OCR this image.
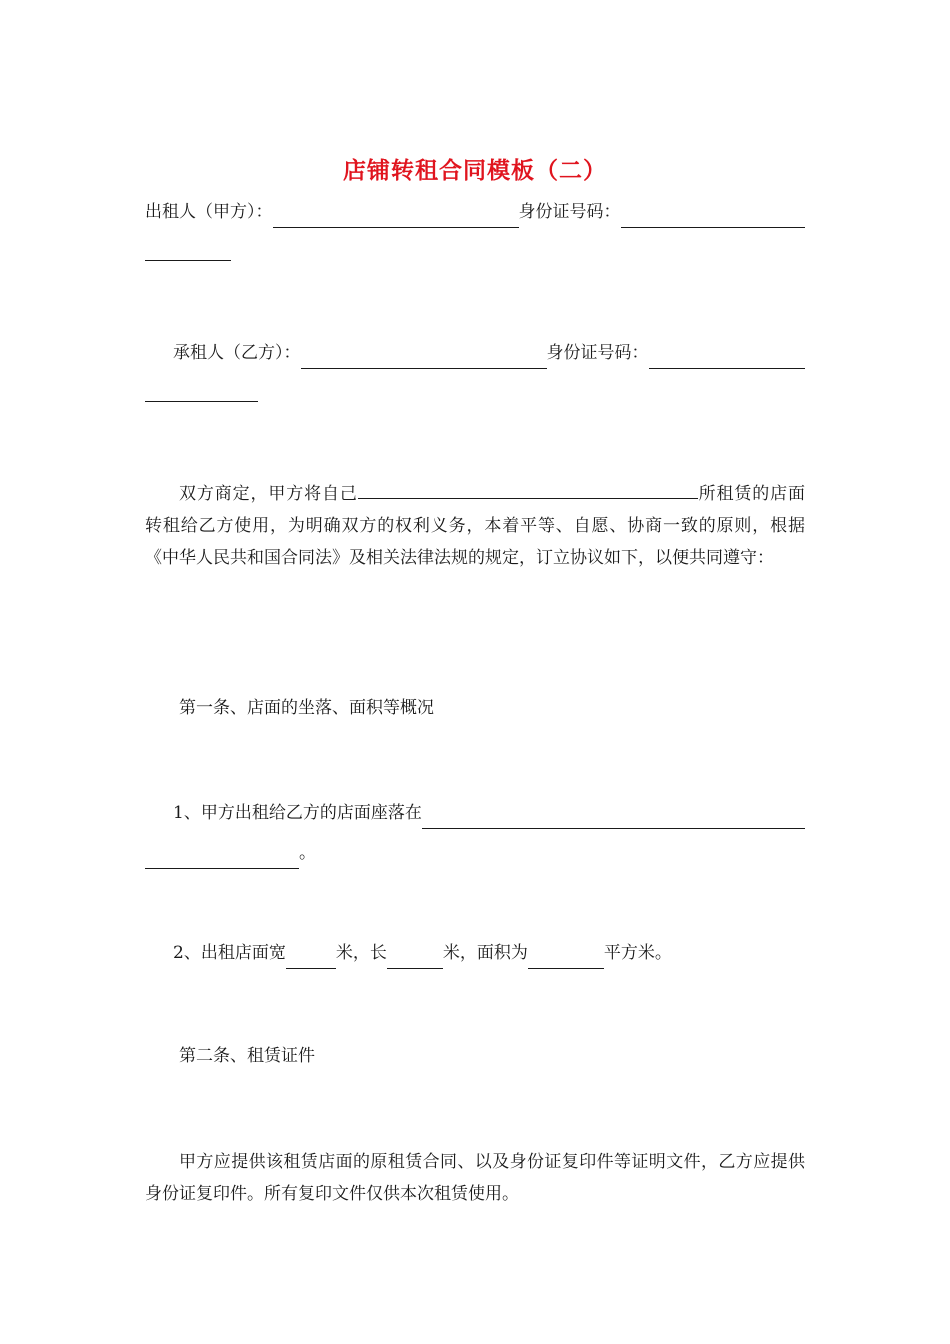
店铺转租合同模板（二）
出租人（甲方）：	身份证号码：
承租人（乙方）：	身份证号码：
双方商定，甲方将自己	所租赁的店面转租给乙方使用，为明确双方的权利义务，本着平等、自愿、协商一致的原则，根据《中华人民共和国合同法》及相关法律法规的规定，订立协议如下，以便共同遵守：
第一条、店面的坐落、面积等概况
1、甲方出租给乙方的店面座落在
。
2、出租店面宽	米，长	米，面积为	平方米。
第二条、租赁证件
甲方应提供该租赁店面的原租赁合同、以及身份证复印件等证明文件，乙方应提供身份证复印件。所有复印文件仅供本次租赁使用。
